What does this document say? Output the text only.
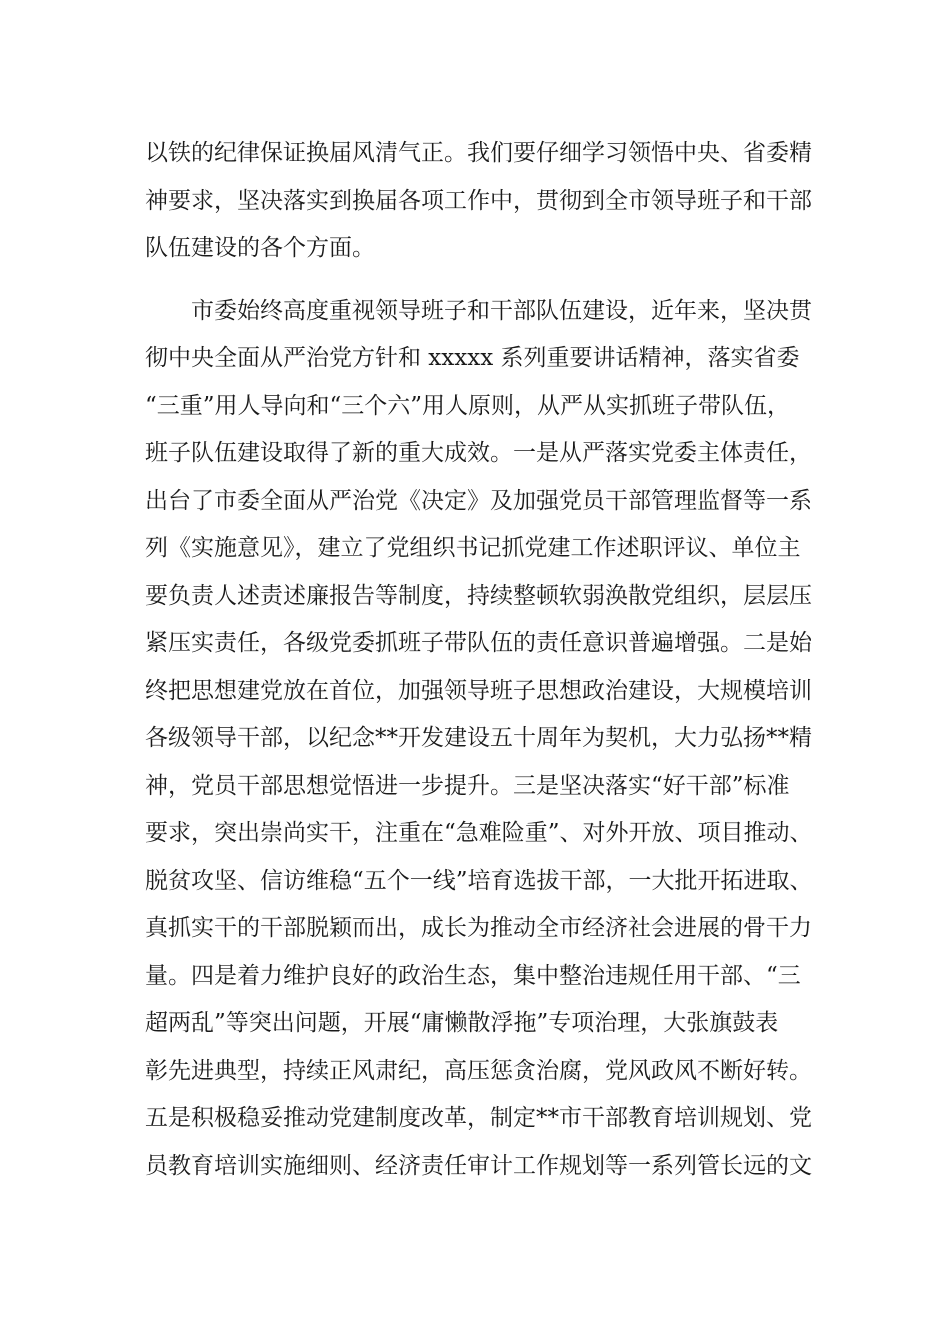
以铁的纪律保证换届风清气正。我们要仔细学习领悟中央、省委精
神要求，坚决落实到换届各项工作中，贯彻到全市领导班子和干部
队伍建设的各个方面。
市委始终高度重视领导班子和干部队伍建设，近年来，坚决贯
彻中央全面从严治党方针和 xxxxx 系列重要讲话精神，落实省委
“三重”用人导向和“三个六”用人原则，从严从实抓班子带队伍，
班子队伍建设取得了新的重大成效。一是从严落实党委主体责任，
出台了市委全面从严治党《决定》及加强党员干部管理监督等一系
列《实施意见》，建立了党组织书记抓党建工作述职评议、单位主
要负责人述责述廉报告等制度，持续整顿软弱涣散党组织，层层压
紧压实责任，各级党委抓班子带队伍的责任意识普遍增强。二是始
终把思想建党放在首位，加强领导班子思想政治建设，大规模培训
各级领导干部，以纪念**开发建设五十周年为契机，大力弘扬**精
神，党员干部思想觉悟进一步提升。三是坚决落实“好干部”标准
要求，突出崇尚实干，注重在“急难险重”、对外开放、项目推动、
脱贫攻坚、信访维稳“五个一线”培育选拔干部，一大批开拓进取、
真抓实干的干部脱颖而出，成长为推动全市经济社会进展的骨干力
量。四是着力维护良好的政治生态，集中整治违规任用干部、“三
超两乱”等突出问题，开展“庸懒散浮拖”专项治理，大张旗鼓表
彰先进典型，持续正风肃纪，高压惩贪治腐，党风政风不断好转。
五是积极稳妥推动党建制度改革，制定**市干部教育培训规划、党
员教育培训实施细则、经济责任审计工作规划等一系列管长远的文
